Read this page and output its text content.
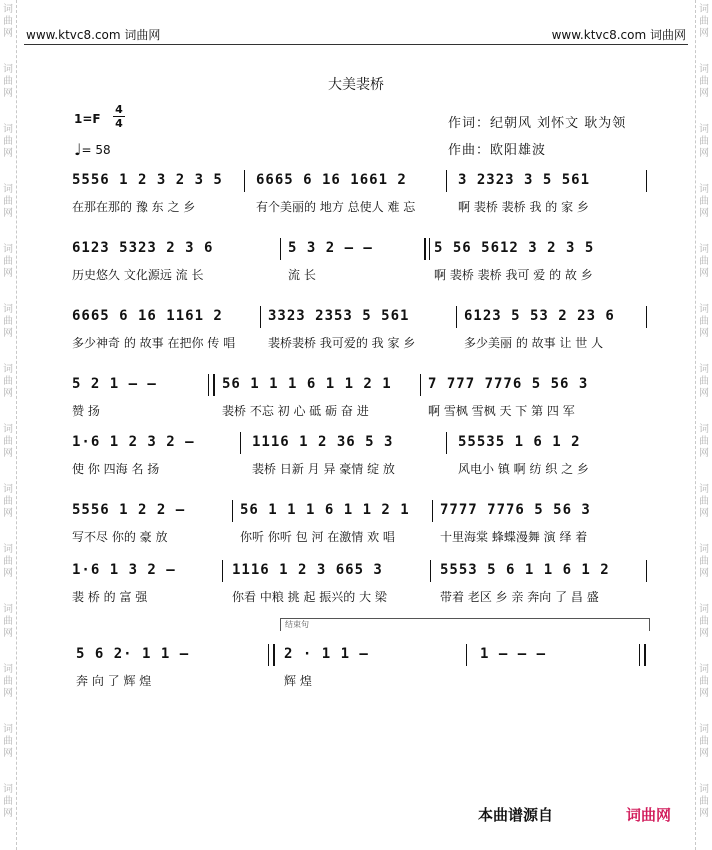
词曲网
词曲网
词曲网
词曲网
词曲网
词曲网
词曲网
词曲网
词曲网
词曲网
词曲网
词曲网
词曲网
词曲网
词曲网
词曲网
词曲网
词曲网
词曲网
词曲网
词曲网
词曲网
词曲网
词曲网
词曲网
词曲网
词曲网
词曲网
www.ktvc8.com 词曲网	www.ktvc8.com 词曲网
大美裴桥
$1=F \frac{4}{4}$
♩= 58
作词：纪朝风 刘怀文 耿为领
作曲：欧阳雄波
5556 1 2 3 2 3 5 6665 6 16 1661 2	3 2323 3 5 561
在那在那的 豫 东 之 乡	有个美丽的 地方 总使人 难 忘	啊 裴桥 裴桥 我 的 家 乡
6123 5323 2 3 6	5 3 2 – –	5 56 5612 3 2 3 5
历史悠久 文化源远 流 长	流 长	啊 裴桥 裴桥 我可 爱 的 故 乡
6665 6 16 1161 2	3323 2353 5 561	6123 5 53 2 23 6
多少神奇 的 故事 在把你 传 唱	裴桥裴桥 我可爱的 我 家 乡	多少美丽 的 故事 让 世 人
5 2 1 – –	56 1 1 1 6 1 1 2 1	7 777 7776 5 56 3
赞 扬	裴桥 不忘 初 心 砥 砺 奋 进	啊 雪枫 雪枫 天 下 第 四 军
1·6 1 2 3 2 –	1116 1 2 36 5 3	55535 1 6 1 2
使 你 四海 名 扬	裴桥 日新 月 异 豪情 绽 放	风电小 镇 啊 纺 织 之 乡
5556 1 2 2 –	56 1 1 1 6 1 1 2 1 7777 7776 5 56 3
写不尽 你的 豪 放	你听 你听 包 河 在激情 欢 唱	十里海棠 蜂蝶漫舞 演 绎 着
1·6 1 3 2 –	1116 1 2 3 665 3	5553 5 6 1 1 6 1 2
裴 桥 的 富 强	你看 中粮 挑 起 振兴的 大 梁	带着 老区 乡 亲 奔向 了 昌 盛
结束句
5 6 2· 1 1 –	2 · 1 1 –	1 – – –
奔 向 了 辉 煌	辉 煌
本曲谱源自	词曲网
